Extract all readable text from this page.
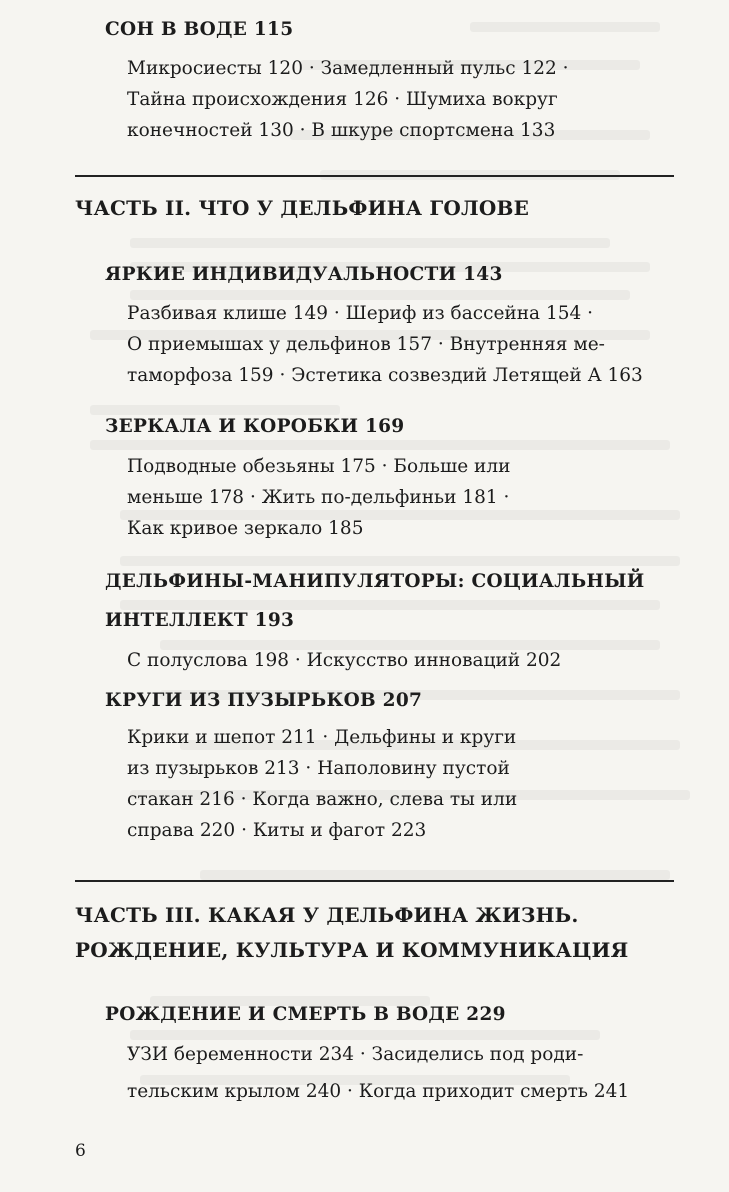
СОН В ВОДЕ 115

Микросиесты 120 · Замедленный пульс 122 ·

Тайна происхождения 126 · Шумиха вокруг

конечностей 130 · В шкуре спортсмена 133

ЧАСТЬ II. ЧТО У ДЕЛЬФИНА ГОЛОВЕ
ЯРКИЕ ИНДИВИДУАЛЬНОСТИ 143

Разбивая клише 149 · Шериф из бассейна 154 ·

О приемышах у дельфинов 157 · Внутренняя ме-

таморфоза 159 · Эстетика созвездий Летящей А 163

ЗЕРКАЛА И КОРОБКИ 169

Подводные обезьяны 175 · Больше или

меньше 178 · Жить по-дельфиньи 181 ·

Как кривое зеркало 185

ДЕЛЬФИНЫ-МАНИПУЛЯТОРЫ: СОЦИАЛЬНЫЙ
ИНТЕЛЛЕКТ 193

С полуслова 198 · Искусство инноваций 202

КРУГИ ИЗ ПУЗЫРЬКОВ 207

Крики и шепот 211 · Дельфины и круги

из пузырьков 213 · Наполовину пустой

стакан 216 · Когда важно, слева ты или

справа 220 · Киты и фагот 223

ЧАСТЬ III. КАКАЯ У ДЕЛЬФИНА ЖИЗНЬ.
РОЖДЕНИЕ, КУЛЬТУРА И КОММУНИКАЦИЯ
РОЖДЕНИЕ И СМЕРТЬ В ВОДЕ 229

УЗИ беременности 234 · Засиделись под роди-

тельским крылом 240 · Когда приходит смерть 241

6
